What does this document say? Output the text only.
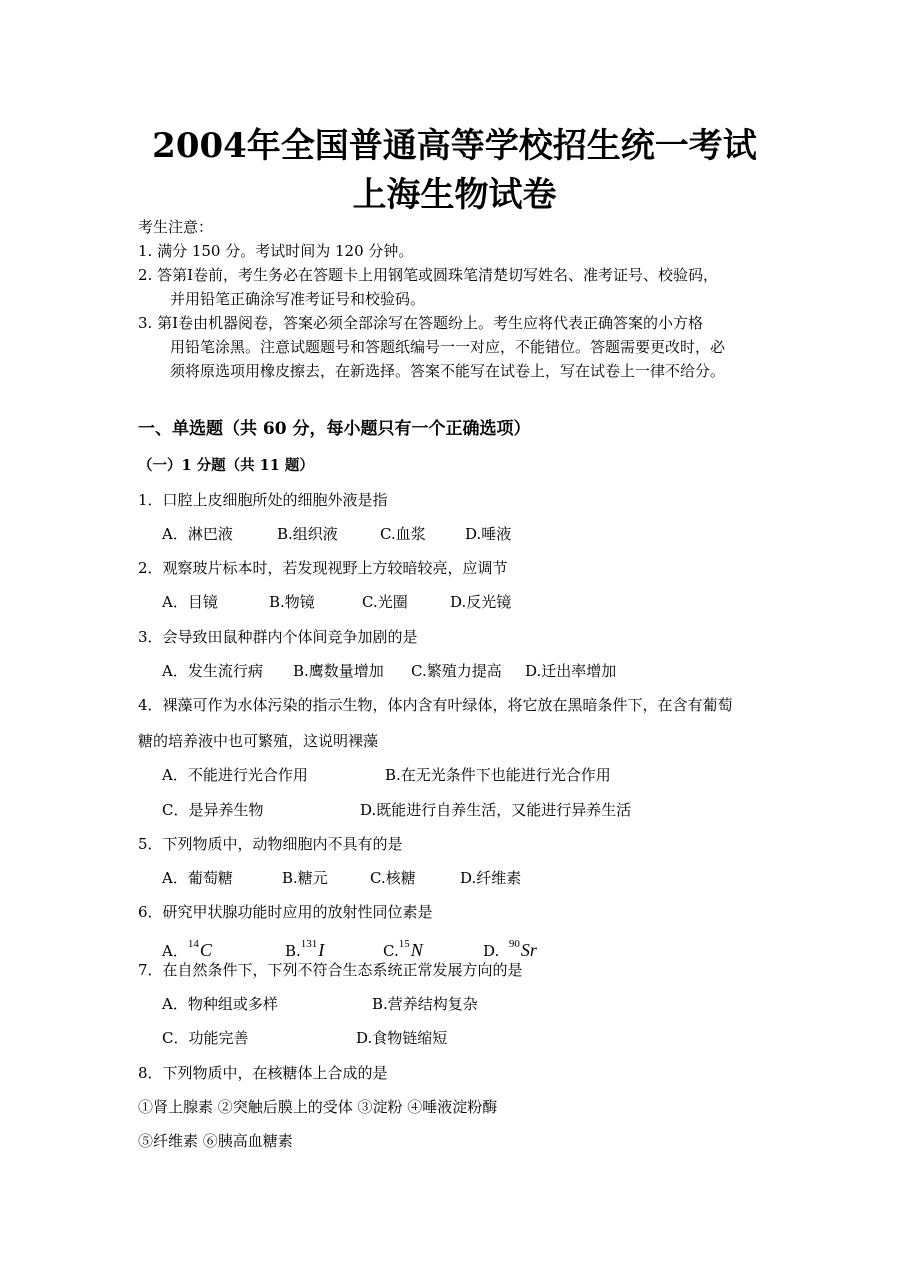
2004年全国普通高等学校招生统一考试
上海生物试卷
考生注意：
1. 满分 150 分。考试时间为 120 分钟。
2. 答第Ⅰ卷前，考生务必在答题卡上用钢笔或圆珠笔清楚切写姓名、准考证号、校验码，
并用铅笔正确涂写准考证号和校验码。
3. 第Ⅰ卷由机器阅卷，答案必须全部涂写在答题纷上。考生应将代表正确答案的小方格
用铅笔涂黑。注意试题题号和答题纸编号一一对应，不能错位。答题需要更改时，必
须将原选项用橡皮擦去，在新选择。答案不能写在试卷上，写在试卷上一律不给分。
一、单选题（共 60 分，每小题只有一个正确选项）
（一）1 分题（共 11 题）
1．口腔上皮细胞所处的细胞外液是指
A．淋巴液	B.组织液	C.血浆	D.唾液
2．观察玻片标本时，若发现视野上方较暗较亮，应调节
A．目镜	B.物镜	C.光圈	D.反光镜
3．会导致田鼠种群内个体间竞争加剧的是
A．发生流行病 B.鹰数量增加 C.繁殖力提高 D.迁出率增加
4．裸藻可作为水体污染的指示生物，体内含有叶绿体，将它放在黑暗条件下，在含有葡萄
糖的培养液中也可繁殖，这说明裸藻
A．不能进行光合作用	B.在无光条件下也能进行光合作用
C．是异养生物	D.既能进行自养生活，又能进行异养生活
5．下列物质中，动物细胞内不具有的是
A．葡萄糖	B.糖元	C.核糖	D.纤维素
6．研究甲状腺功能时应用的放射性同位素是
A．$^{14}$C	B.$^{131}$I	C.$^{15}$N	D. $^{90}$Sr
7．在自然条件下，下列不符合生态系统正常发展方向的是
A．物种组或多样	B.营养结构复杂
C．功能完善	D.食物链缩短
8．下列物质中，在核糖体上合成的是
①肾上腺素 ②突触后膜上的受体 ③淀粉 ④唾液淀粉酶
⑤纤维素 ⑥胰高血糖素
